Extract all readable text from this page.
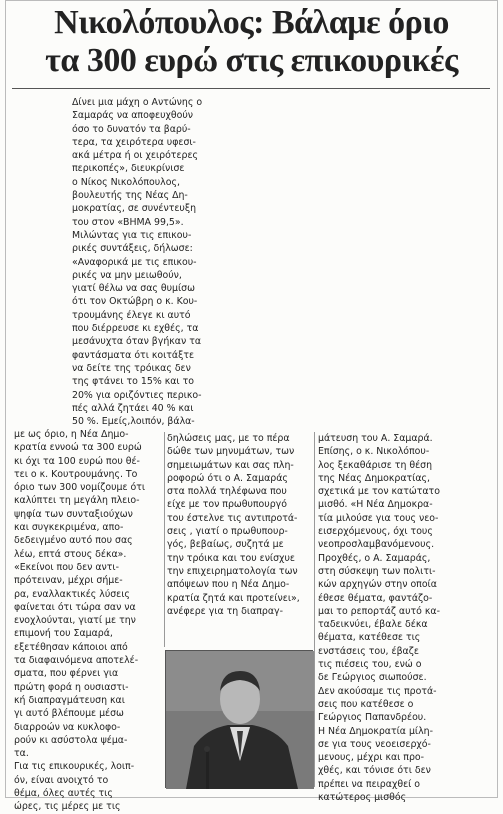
Νικολόπουλος: Βάλαμε όριο
τα 300 ευρώ στις επικουρικές
Δίνει μια μάχη ο Αντώνης ο
Σαμαράς να αποφευχθούν
όσο το δυνατόν τα βαρύ-
τερα, τα χειρότερα υφεσι-
ακά μέτρα ή οι χειρότερες
περικοπές», διευκρίνισε
ο Νίκος Νικολόπουλος,
βουλευτής της Νέας Δη-
μοκρατίας, σε συνέντευξη
του στον «ΒΗΜΑ 99,5».
Μιλώντας για τις επικου-
ρικές συντάξεις, δήλωσε:
«Αναφορικά με τις επικου-
ρικές να μην μειωθούν,
γιατί θέλω να σας θυμίσω
ότι τον Οκτώβρη ο κ. Κου-
τρουμάνης έλεγε κι αυτό
που διέρρευσε κι εχθές, τα
μεσάνυχτα όταν βγήκαν τα
φαντάσματα ότι κοιτάξτε
να δείτε της τρόικας δεν
της φτάνει το 15% και το
20% για οριζόντιες περικο-
πές αλλά ζητάει 40 % και
50 %. Εμείς,λοιπόν, βάλα-
με ως όριο, η Νέα Δημο-
κρατία εννοώ τα 300 ευρώ
κι όχι τα 100 ευρώ που θέ-
τει ο κ. Κουτρουμάνης. Το
όριο των 300 νομίζουμε ότι
καλύπτει τη μεγάλη πλειο-
ψηφία των συνταξιούχων
και συγκεκριμένα, απο-
δεδειγμένο αυτό που σας
λέω, επτά στους δέκα».
«Εκείνοι που δεν αντι-
πρότειναν, μέχρι σήμε-
ρα, εναλλακτικές λύσεις
φαίνεται ότι τώρα σαν να
ενοχλούνται, γιατί με την
επιμονή του Σαμαρά,
εξετέθησαν κάποιοι από
τα διαφαινόμενα αποτελέ-
σματα, που φέρνει για
πρώτη φορά η ουσιαστι-
κή διαπραγμάτευση και
γι αυτό βλέπουμε μέσω
διαρροών να κυκλοφο-
ρούν κι ασύστολα ψέμα-
τα.
Για τις επικουρικές, λοιπ-
όν, είναι ανοιχτό το
θέμα, όλες αυτές τις
ώρες, τις μέρες με τις
δηλώσεις μας, με το πέρα
δώθε των μηνυμάτων, των
σημειωμάτων και σας πλη-
ροφορώ ότι ο Α. Σαμαράς
στα πολλά τηλέφωνα που
είχε με τον πρωθυπουργό
του έστελνε τις αντιπροτά-
σεις , γιατί ο πρωθυπουρ-
γός, βεβαίως, συζητά με
την τρόικα και του ενίσχυε
την επιχειρηματολογία των
απόψεων που η Νέα Δημο-
κρατία ζητά και προτείνει»,
ανέφερε για τη διαπραγ-
μάτευση του Α. Σαμαρά.
Επίσης, ο κ. Νικολόπου-
λος ξεκαθάρισε τη θέση
της Νέας Δημοκρατίας,
σχετικά με τον κατώτατο
μισθό. «Η Νέα Δημοκρα-
τία μιλούσε για τους νεο-
εισερχόμενους, όχι τους
νεοπροσλαμβανόμενους.
Προχθές, ο Α. Σαμαράς,
στη σύσκεψη των πολιτι-
κών αρχηγών στην οποία
έθεσε θέματα, φαντάζο-
μαι το ρεπορτάζ αυτό κα-
ταδεικνύει, έβαλε δέκα
θέματα, κατέθεσε τις
ενστάσεις του, έβαζε
τις πιέσεις του, ενώ ο
δε Γεώργιος σιωπούσε.
Δεν ακούσαμε τις προτά-
σεις που κατέθεσε ο
Γεώργιος Παπανδρέου.
Η Νέα Δημοκρατία μίλη-
σε για τους νεοεισερχό-
μενους, μέχρι και προ-
χθές, και τόνισε ότι δεν
πρέπει να πειραχθεί ο
κατώτερος μισθός
